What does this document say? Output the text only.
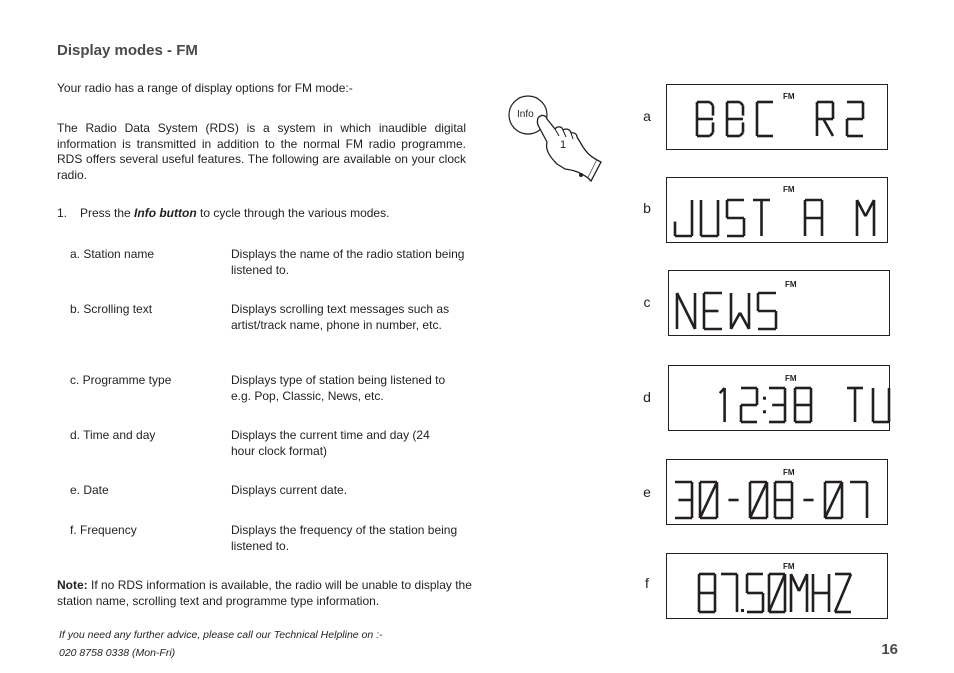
Display modes - FM
Your radio has a range of display options for FM mode:-
The Radio Data System (RDS) is a system in which inaudible digital information is transmitted in addition to the normal FM radio programme. RDS offers several useful features. The following are available on your clock radio.
1. Press the Info button to cycle through the various modes.
a. Station name	Displays the name of the radio station being listened to.
b. Scrolling text	Displays scrolling text messages such as artist/track name, phone in number, etc.
c. Programme type	Displays type of station being listened to e.g. Pop, Classic, News, etc.
d. Time and day	Displays the current time and day (24 hour clock format)
e. Date	Displays current date.
f. Frequency	Displays the frequency of the station being listened to.
Note: If no RDS information is available, the radio will be unable to display the station name, scrolling text and programme type information.
If you need any further advice, please call our Technical Helpline on :-
020 8758 0338 (Mon-Fri)	16
Info
1
a
b
c
d
e
f
FM
FM
FM
FM
FM
FM
